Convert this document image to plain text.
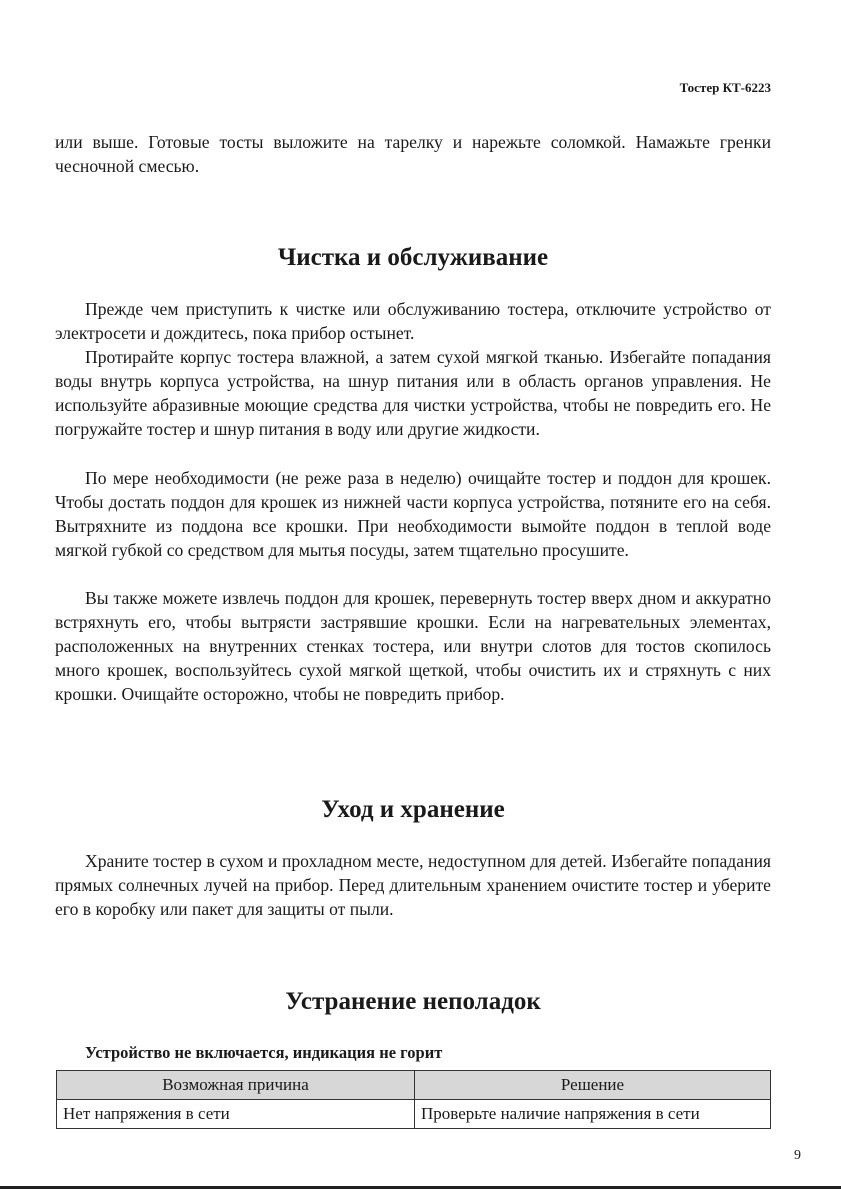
Тостер КТ-6223

или выше. Готовые тосты выложите на тарелку и нарежьте соломкой. Намажьте гренки чесночной смесью.

Чистка и обслуживание

Прежде чем приступить к чистке или обслуживанию тостера, отключите устройство от электросети и дождитесь, пока прибор остынет.

Протирайте корпус тостера влажной, а затем сухой мягкой тканью. Избегайте попадания воды внутрь корпуса устройства, на шнур питания или в область органов управления. Не используйте абразивные моющие средства для чистки устройства, чтобы не повредить его. Не погружайте тостер и шнур питания в воду или другие жидкости.

По мере необходимости (не реже раза в неделю) очищайте тостер и поддон для крошек. Чтобы достать поддон для крошек из нижней части корпуса устройства, потяните его на себя. Вытряхните из поддона все крошки. При необходимости вымойте поддон в теплой воде мягкой губкой со средством для мытья посуды, затем тщательно просушите.

Вы также можете извлечь поддон для крошек, перевернуть тостер вверх дном и аккуратно встряхнуть его, чтобы вытрясти застрявшие крошки. Если на нагревательных элементах, расположенных на внутренних стенках тостера, или внутри слотов для тостов скопилось много крошек, воспользуйтесь сухой мягкой щеткой, чтобы очистить их и стряхнуть с них крошки. Очищайте осторожно, чтобы не повредить прибор.

Уход и хранение

Храните тостер в сухом и прохладном месте, недоступном для детей. Избегайте попадания прямых солнечных лучей на прибор. Перед длительным хранением очистите тостер и уберите его в коробку или пакет для защиты от пыли.

Устранение неполадок
Устройство не включается, индикация не горит
Возможная причина	Решение
Нет напряжения в сети	Проверьте наличие напряжения в сети
9
